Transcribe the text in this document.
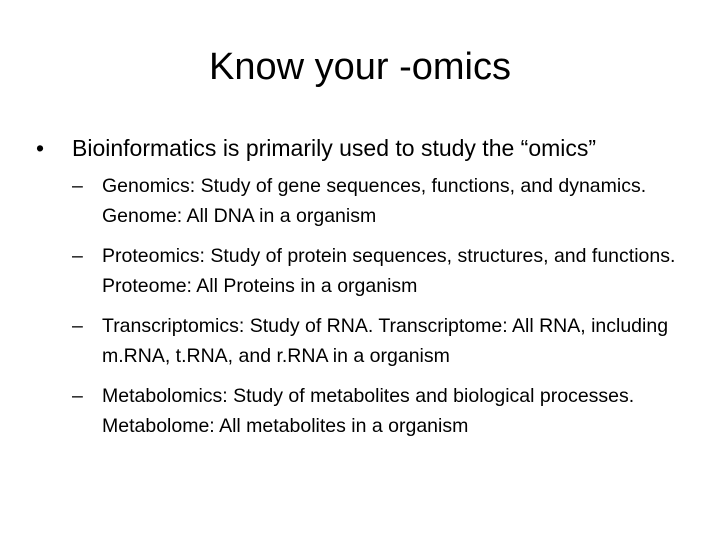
Know your -omics
•	Bioinformatics is primarily used to study the “omics”
– Genomics: Study of gene sequences, functions, and dynamics. Genome: All DNA in a organism
– Proteomics: Study of protein sequences, structures, and functions. Proteome: All Proteins in a organism
– Transcriptomics: Study of RNA. Transcriptome: All RNA, including m.RNA, t.RNA, and r.RNA in a organism
– Metabolomics: Study of metabolites and biological processes. Metabolome: All metabolites in a organism
